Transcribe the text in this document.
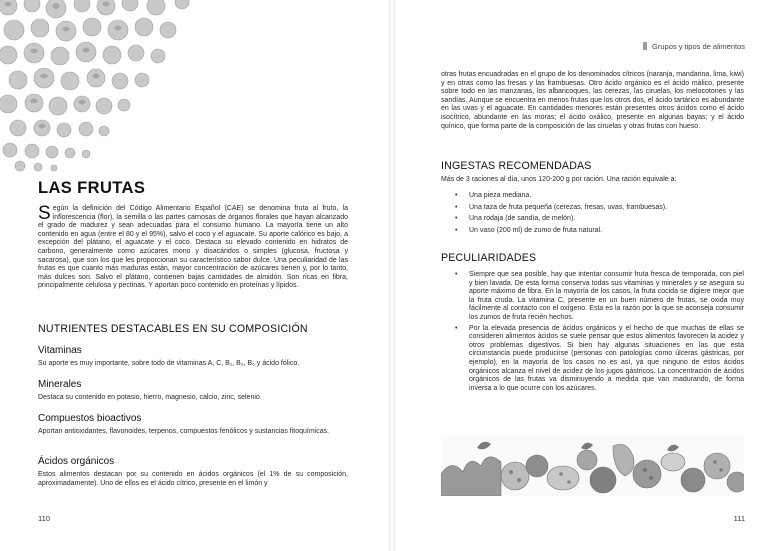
LAS FRUTAS
Según la definición del Código Alimentario Español (CAE) se denomina fruta al fruto, la inflorescencia (flor), la semilla o las partes carnosas de órganos florales que hayan alcanzado el grado de madurez y sean adecuadas para el consumo humano. La mayoría tiene un alto contenido en agua (entre el 80 y el 95%), salvo el coco y el aguacate. Su aporte calórico es bajo, a excepción del plátano, el aguacate y el coco. Destaca su elevado contenido en hidratos de carbono, generalmente como azúcares mono y disacáridos o simples (glucosa, fructosa y sacarosa), que son los que les proporcionan su característico sabor dulce. Una peculiaridad de las frutas es que cuanto más maduras están, mayor concentración de azúcares tienen y, por lo tanto, más dulces son. Salvo el plátano, contienen bajas cantidades de almidón. Son ricas en fibra, principalmente celulosa y pectinas. Y aportan poco contenido en proteínas y lípidos.
NUTRIENTES DESTACABLES EN SU COMPOSICIÓN
Vitaminas
Su aporte es muy importante, sobre todo de vitaminas A, C, B₁, B₂, B₆ y ácido fólico.
Minerales
Destaca su contenido en potasio, hierro, magnesio, calcio, zinc, selenio.
Compuestos bioactivos
Aportan antioxidantes, flavonoides, terpenos, compuestos fenólicos y sustancias fitoquímicas.
Ácidos orgánicos
Estos alimentos destacan por su contenido en ácidos orgánicos (el 1% de su composición, aproximadamente). Uno de ellos es el ácido cítrico, presente en el limón y
110
Grupos y tipos de alimentos
otras frutas encuadradas en el grupo de los denominados cítricos (naranja, mandarina, lima, kiwi) y en otras como las fresas y las frambuesas. Otro ácido orgánico es el ácido málico, presente sobre todo en las manzanas, los albaricoques, las cerezas, las ciruelas, los melocotones y las sandías. Aunque se encuentra en menos frutas que los otros dos, el ácido tartárico es abundante en las uvas y el aguacate. En cantidades menores están presentes otros ácidos como el ácido isocítrico, abundante en las moras; el ácido oxálico, presente en algunas bayas; y el ácido quínico, que forma parte de la composición de las ciruelas y otras frutas con hueso.
INGESTAS RECOMENDADAS
Más de 3 raciones al día, unos 120-200 g por ración. Una ración equivale a:
• Una pieza mediana.
• Una taza de fruta pequeña (cerezas, fresas, uvas, frambuesas).
• Una rodaja (de sandía, de melón).
• Un vaso (200 ml) de zumo de fruta natural.
PECULIARIDADES
• Siempre que sea posible, hay que intentar consumir fruta fresca de temporada, con piel y bien lavada. De esta forma conserva todas sus vitaminas y minerales y se asegura su aporte máximo de fibra. En la mayoría de los casos, la fruta cocida se digiere mejor que la fruta cruda. La vitamina C, presente en un buen número de frutas, se oxida muy fácilmente al contacto con el oxígeno. Esta es la razón por la que se aconseja consumir los zumos de fruta recién hechos.
• Por la elevada presencia de ácidos orgánicos y el hecho de que muchas de ellas se consideren alimentos ácidos se suele pensar que estos alimentos favorecen la acidez y otros problemas digestivos. Si bien hay algunas situaciones en las que esta circunstancia puede producirse (personas con patologías como úlceras gástricas, por ejemplo), en la mayoría de los casos no es así, ya que ninguno de estos ácidos orgánicos alcanza el nivel de acidez de los jugos gástricos. La concentración de ácidos orgánicos de las frutas va disminuyendo a medida que van madurando, de forma inversa a lo que ocurre con los azúcares.
111
